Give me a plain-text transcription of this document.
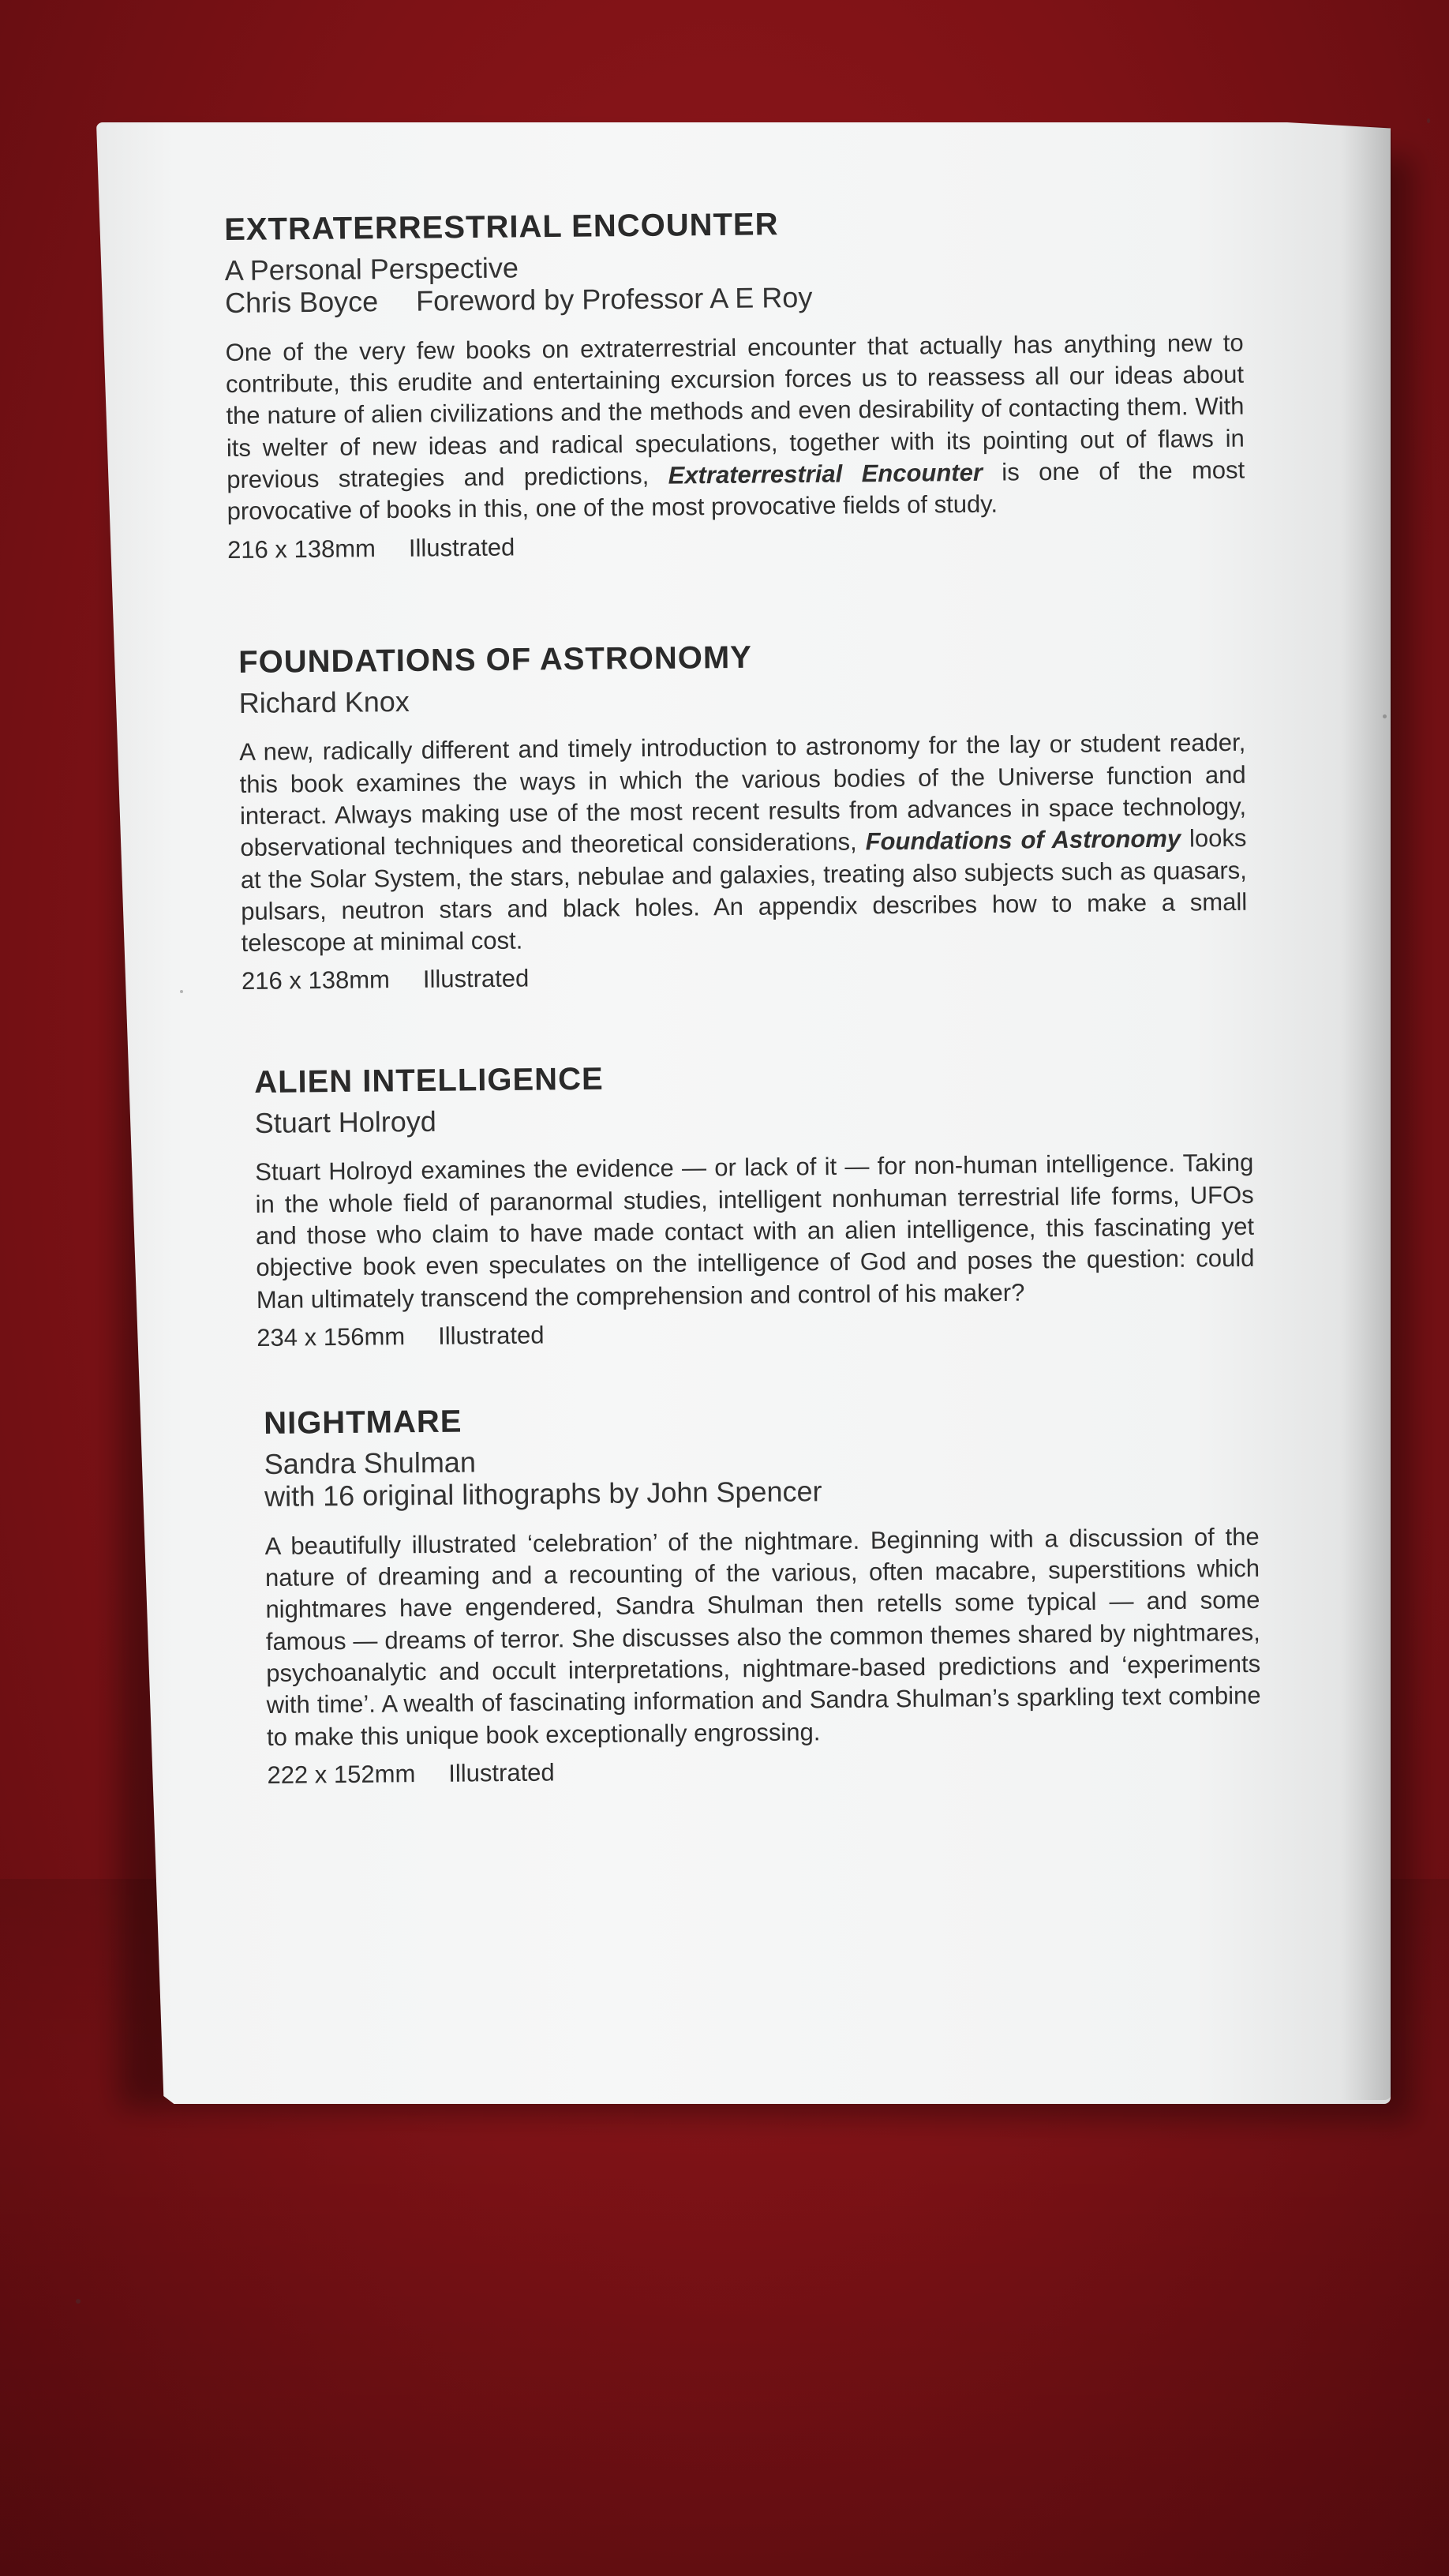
EXTRATERRESTRIAL ENCOUNTER

A Personal Perspective

Chris Boyce Foreword by Professor A E Roy

One of the very few books on extraterrestrial encounter that actually has anything new to contribute, this erudite and entertaining excursion forces us to reassess all our ideas about the nature of alien civilizations and the methods and even desirability of contacting them. With its welter of new ideas and radical speculations, together with its pointing out of flaws in previous strategies and predictions, Extraterrestrial Encounter is one of the most provocative of books in this, one of the most provocative fields of study.

216 x 138mm Illustrated

FOUNDATIONS OF ASTRONOMY

Richard Knox

A new, radically different and timely introduction to astronomy for the lay or student reader, this book examines the ways in which the various bodies of the Universe function and interact. Always making use of the most recent results from advances in space technology, observational techniques and theoretical considerations, Foundations of Astronomy looks at the Solar System, the stars, nebulae and galaxies, treating also subjects such as quasars, pulsars, neutron stars and black holes. An appendix describes how to make a small telescope at minimal cost.

216 x 138mm Illustrated

ALIEN INTELLIGENCE

Stuart Holroyd

Stuart Holroyd examines the evidence — or lack of it — for non-human intelligence. Taking in the whole field of paranormal studies, intelligent nonhuman terrestrial life forms, UFOs and those who claim to have made contact with an alien intelligence, this fascinating yet objective book even speculates on the intelligence of God and poses the question: could Man ultimately transcend the comprehension and control of his maker?

234 x 156mm Illustrated

NIGHTMARE

Sandra Shulman

with 16 original lithographs by John Spencer

A beautifully illustrated ‘celebration’ of the nightmare. Beginning with a discussion of the nature of dreaming and a recounting of the various, often macabre, superstitions which nightmares have engendered, Sandra Shulman then retells some typical — and some famous — dreams of terror. She discusses also the common themes shared by nightmares, psychoanalytic and occult interpretations, nightmare-based predictions and ‘experiments with time’. A wealth of fascinating information and Sandra Shulman’s sparkling text combine to make this unique book exceptionally engrossing.

222 x 152mm Illustrated
